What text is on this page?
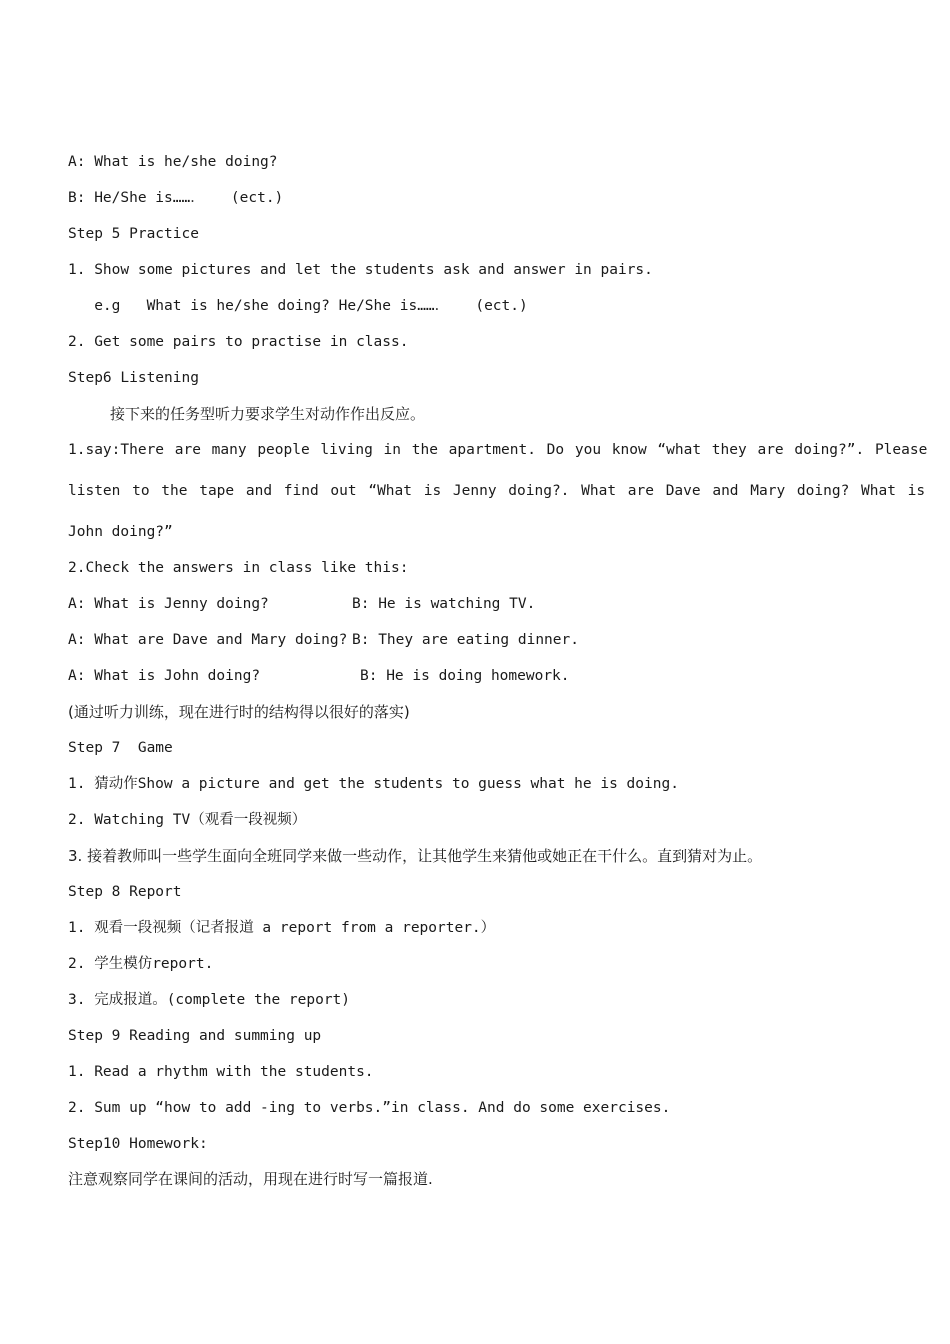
A: What is he/she doing?
B: He/She is……．   (ect.)
Step 5 Practice
1. Show some pictures and let the students ask and answer in pairs.
e.g   What is he/she doing? He/She is……．   (ect.)
2. Get some pairs to practise in class.
Step6 Listening
接下来的任务型听力要求学生对动作作出反应。
1.say:There are many people living in the apartment. Do you know “what they are doing?”. Please
listen to the tape and find out “What is Jenny doing?. What are Dave and Mary doing? What is
John doing?”
2.Check the answers in class like this:
A: What is Jenny doing?	B: He is watching TV.
A: What are Dave and Mary doing? B: They are eating dinner.
A: What is John doing?	B: He is doing homework.
(通过听力训练，现在进行时的结构得以很好的落实)
Step 7  Game
1. 猜动作Show a picture and get the students to guess what he is doing.
2. Watching TV（观看一段视频）
3. 接着教师叫一些学生面向全班同学来做一些动作，让其他学生来猜他或她正在干什么。直到猜对为止。
Step 8 Report
1. 观看一段视频（记者报道 a report from a reporter.）
2. 学生模仿report.
3. 完成报道。(complete the report)
Step 9 Reading and summing up
1. Read a rhythm with the students.
2. Sum up “how to add -ing to verbs.”in class. And do some exercises.
Step10 Homework:
注意观察同学在课间的活动，用现在进行时写一篇报道.
